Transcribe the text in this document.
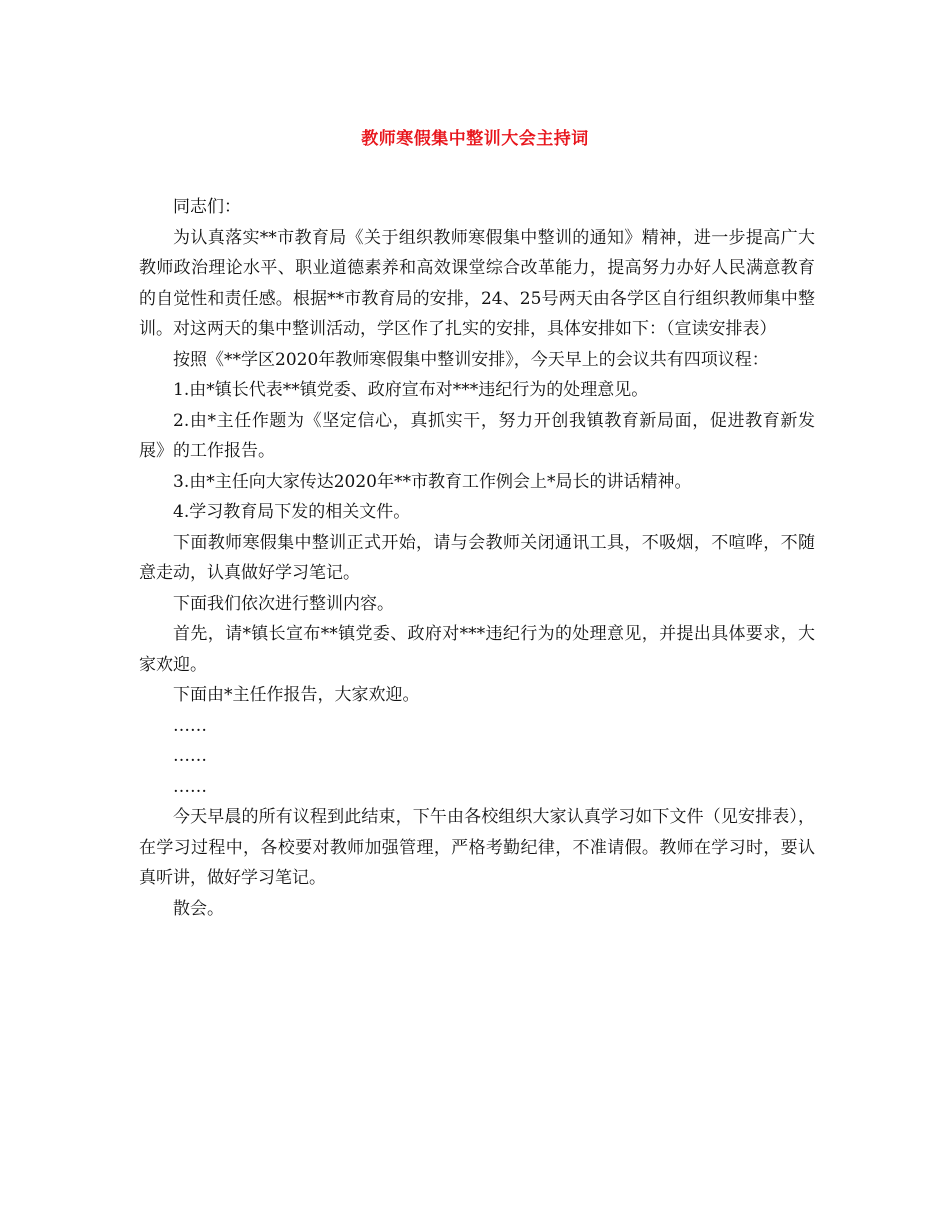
教师寒假集中整训大会主持词

同志们：

为认真落实**市教育局《关于组织教师寒假集中整训的通知》精神，进一步提高广大教师政治理论水平、职业道德素养和高效课堂综合改革能力，提高努力办好人民满意教育的自觉性和责任感。根据**市教育局的安排，24、25号两天由各学区自行组织教师集中整训。对这两天的集中整训活动，学区作了扎实的安排，具体安排如下：（宣读安排表）

按照《**学区2020年教师寒假集中整训安排》，今天早上的会议共有四项议程：

1.由*镇长代表**镇党委、政府宣布对***违纪行为的处理意见。

2.由*主任作题为《坚定信心，真抓实干，努力开创我镇教育新局面，促进教育新发展》的工作报告。

3.由*主任向大家传达2020年**市教育工作例会上*局长的讲话精神。

4.学习教育局下发的相关文件。

下面教师寒假集中整训正式开始，请与会教师关闭通讯工具，不吸烟，不喧哗，不随意走动，认真做好学习笔记。

下面我们依次进行整训内容。

首先，请*镇长宣布**镇党委、政府对***违纪行为的处理意见，并提出具体要求，大家欢迎。

下面由*主任作报告，大家欢迎。

……

……

……

今天早晨的所有议程到此结束，下午由各校组织大家认真学习如下文件（见安排表），在学习过程中，各校要对教师加强管理，严格考勤纪律，不准请假。教师在学习时，要认真听讲，做好学习笔记。

散会。
